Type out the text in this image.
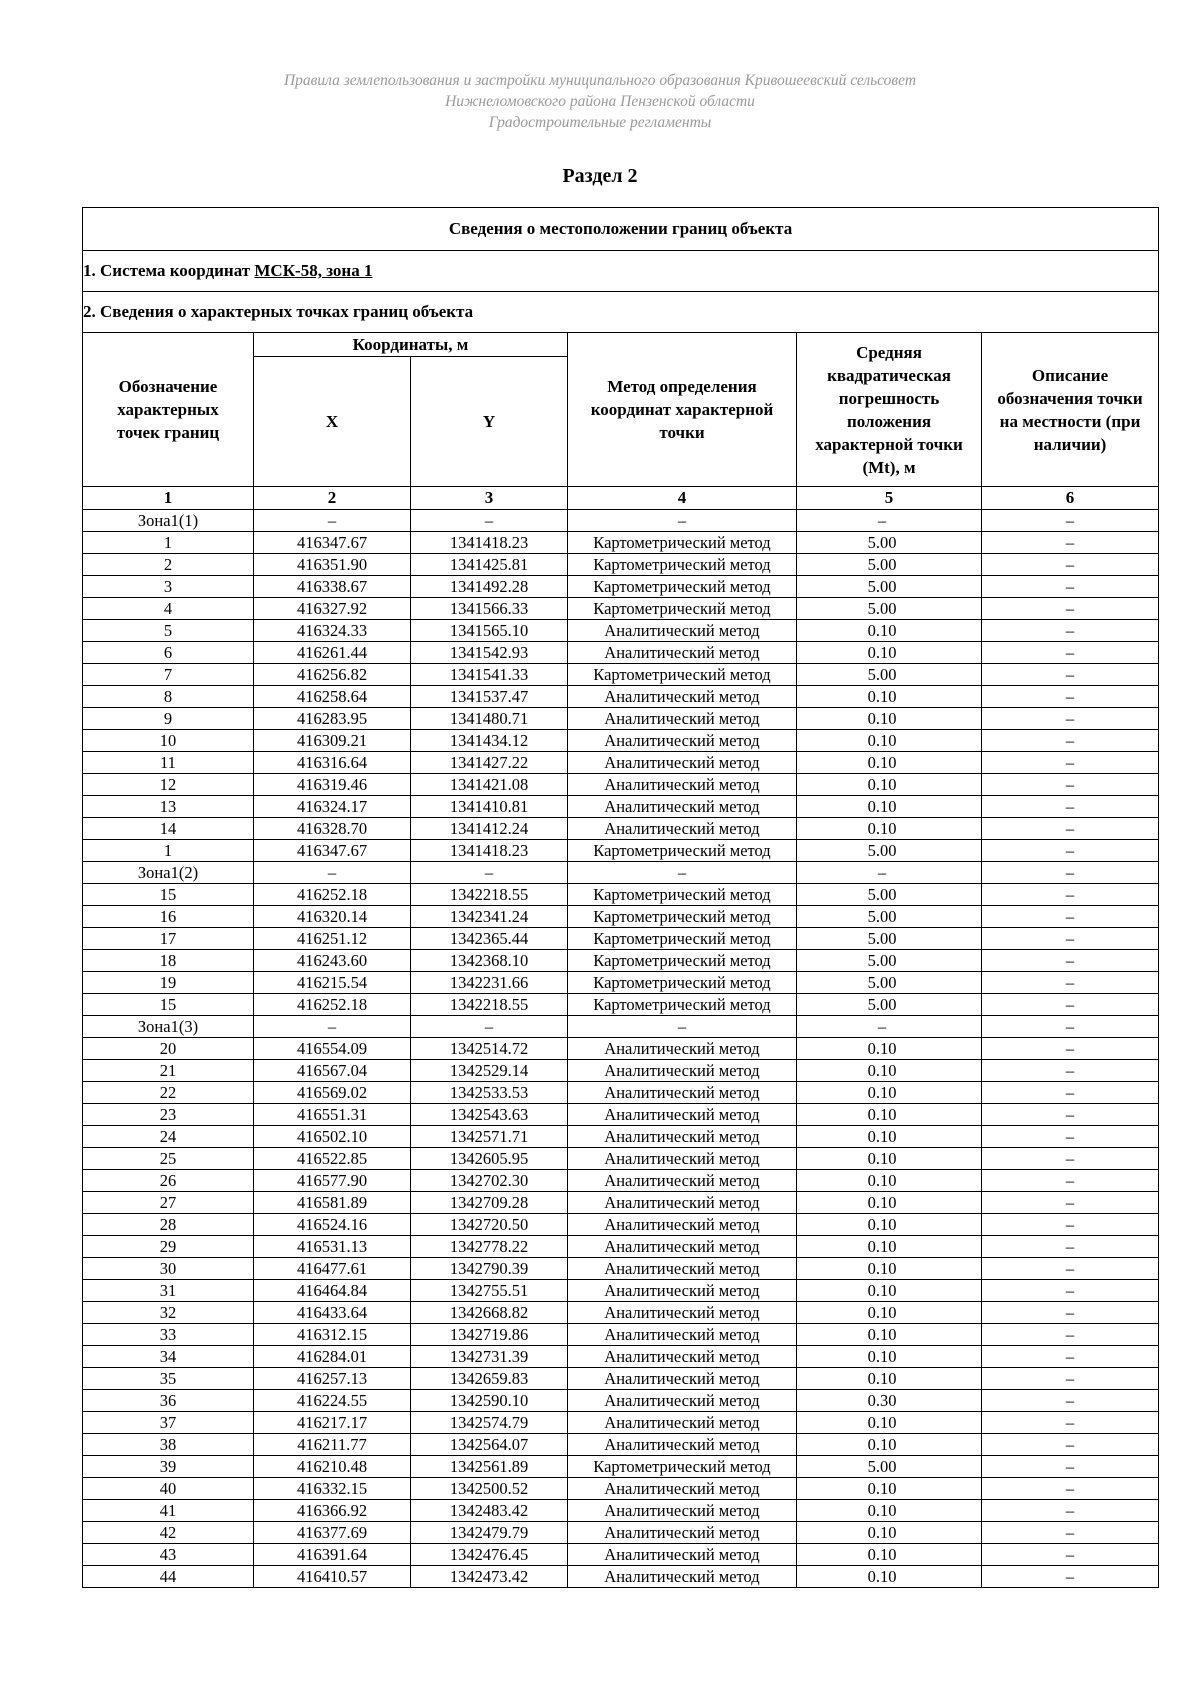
Правила землепользования и застройки муниципального образования Кривошеевский сельсовет
Нижнеломовского района Пензенской области
Градостроительные регламенты
Раздел 2
Сведения о местоположении границ объекта					
1. Система координат МСК-58, зона 1					
2. Сведения о характерных точках границ объекта					
Обозначение характерных точек границ	Координаты, м		Метод определения координат характерной точки	Средняя квадратическая погрешность положения характерной точки (Mt), м	Описание обозначения точки на местности (при наличии)
	X	Y			
1	2	3	4	5	6
Зона1(1)	–	–	–	–	–
1	416347.67	1341418.23	Картометрический метод	5.00	–
2	416351.90	1341425.81	Картометрический метод	5.00	–
3	416338.67	1341492.28	Картометрический метод	5.00	–
4	416327.92	1341566.33	Картометрический метод	5.00	–
5	416324.33	1341565.10	Аналитический метод	0.10	–
6	416261.44	1341542.93	Аналитический метод	0.10	–
7	416256.82	1341541.33	Картометрический метод	5.00	–
8	416258.64	1341537.47	Аналитический метод	0.10	–
9	416283.95	1341480.71	Аналитический метод	0.10	–
10	416309.21	1341434.12	Аналитический метод	0.10	–
11	416316.64	1341427.22	Аналитический метод	0.10	–
12	416319.46	1341421.08	Аналитический метод	0.10	–
13	416324.17	1341410.81	Аналитический метод	0.10	–
14	416328.70	1341412.24	Аналитический метод	0.10	–
1	416347.67	1341418.23	Картометрический метод	5.00	–
Зона1(2)	–	–	–	–	–
15	416252.18	1342218.55	Картометрический метод	5.00	–
16	416320.14	1342341.24	Картометрический метод	5.00	–
17	416251.12	1342365.44	Картометрический метод	5.00	–
18	416243.60	1342368.10	Картометрический метод	5.00	–
19	416215.54	1342231.66	Картометрический метод	5.00	–
15	416252.18	1342218.55	Картометрический метод	5.00	–
Зона1(3)	–	–	–	–	–
20	416554.09	1342514.72	Аналитический метод	0.10	–
21	416567.04	1342529.14	Аналитический метод	0.10	–
22	416569.02	1342533.53	Аналитический метод	0.10	–
23	416551.31	1342543.63	Аналитический метод	0.10	–
24	416502.10	1342571.71	Аналитический метод	0.10	–
25	416522.85	1342605.95	Аналитический метод	0.10	–
26	416577.90	1342702.30	Аналитический метод	0.10	–
27	416581.89	1342709.28	Аналитический метод	0.10	–
28	416524.16	1342720.50	Аналитический метод	0.10	–
29	416531.13	1342778.22	Аналитический метод	0.10	–
30	416477.61	1342790.39	Аналитический метод	0.10	–
31	416464.84	1342755.51	Аналитический метод	0.10	–
32	416433.64	1342668.82	Аналитический метод	0.10	–
33	416312.15	1342719.86	Аналитический метод	0.10	–
34	416284.01	1342731.39	Аналитический метод	0.10	–
35	416257.13	1342659.83	Аналитический метод	0.10	–
36	416224.55	1342590.10	Аналитический метод	0.30	–
37	416217.17	1342574.79	Аналитический метод	0.10	–
38	416211.77	1342564.07	Аналитический метод	0.10	–
39	416210.48	1342561.89	Картометрический метод	5.00	–
40	416332.15	1342500.52	Аналитический метод	0.10	–
41	416366.92	1342483.42	Аналитический метод	0.10	–
42	416377.69	1342479.79	Аналитический метод	0.10	–
43	416391.64	1342476.45	Аналитический метод	0.10	–
44	416410.57	1342473.42	Аналитический метод	0.10	–
